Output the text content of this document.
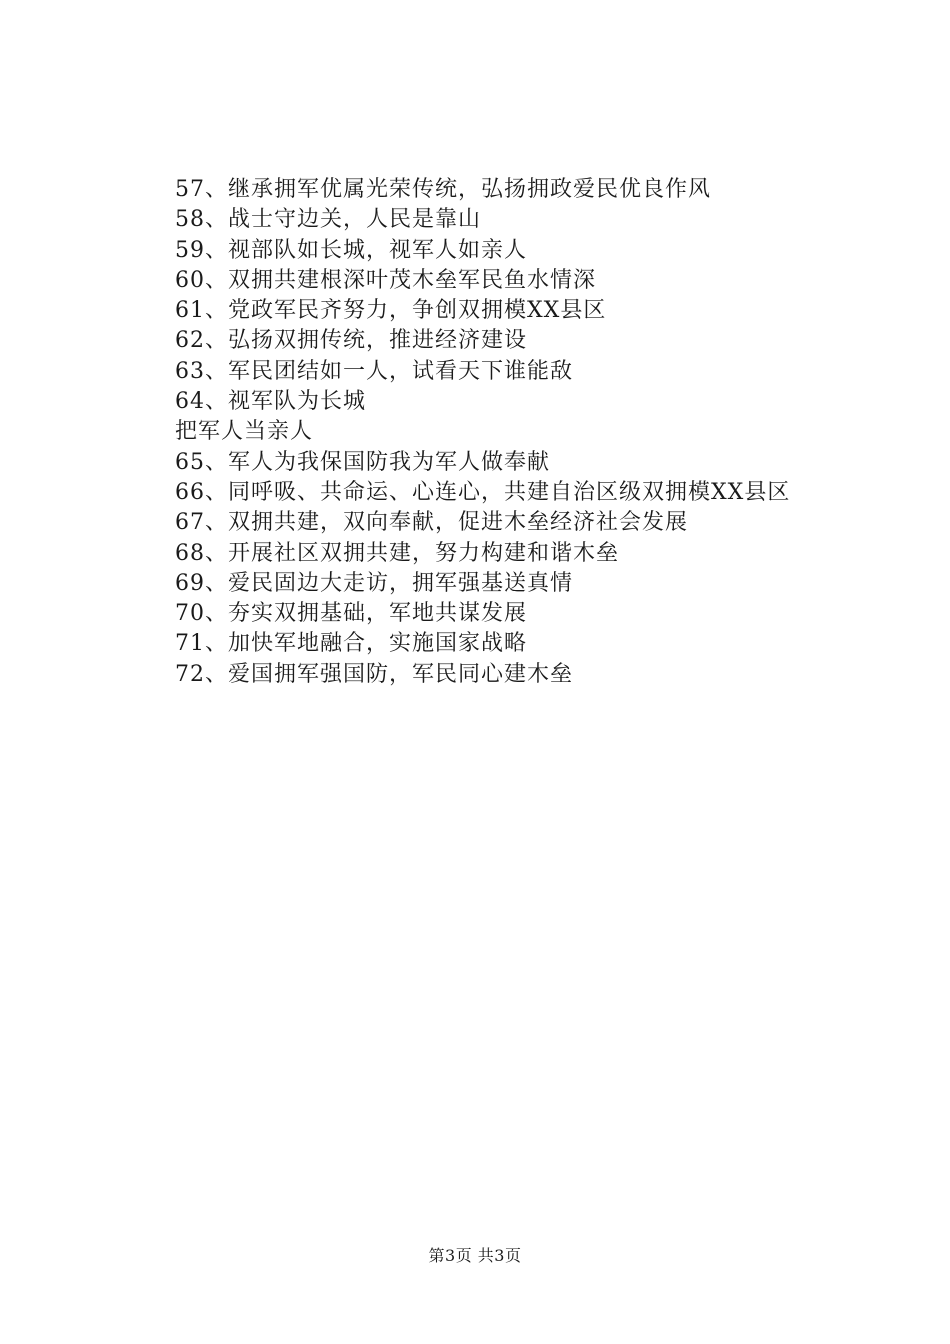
57、继承拥军优属光荣传统，弘扬拥政爱民优良作风
58、战士守边关，人民是靠山
59、视部队如长城，视军人如亲人
60、双拥共建根深叶茂木垒军民鱼水情深
61、党政军民齐努力，争创双拥模XX县区
62、弘扬双拥传统，推进经济建设
63、军民团结如一人，试看天下谁能敌
64、视军队为长城
把军人当亲人
65、军人为我保国防我为军人做奉献
66、同呼吸、共命运、心连心，共建自治区级双拥模XX县区
67、双拥共建，双向奉献，促进木垒经济社会发展
68、开展社区双拥共建，努力构建和谐木垒
69、爱民固边大走访，拥军强基送真情
70、夯实双拥基础，军地共谋发展
71、加快军地融合，实施国家战略
72、爱国拥军强国防，军民同心建木垒
第3页 共3页
